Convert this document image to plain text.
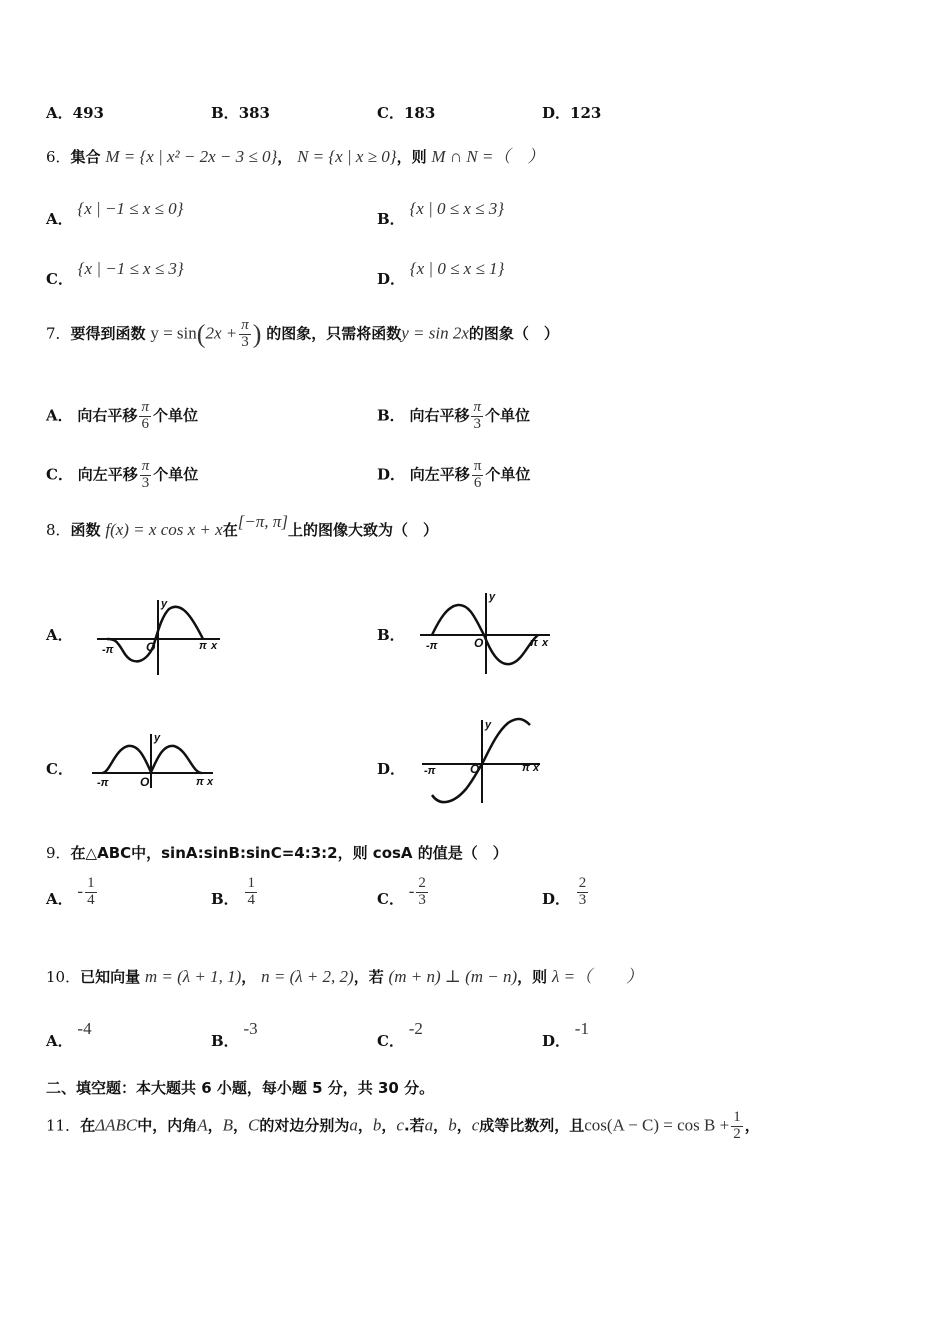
A．493	B．383	C．183	D．123
6．集合 M = {x | x² − 2x − 3 ≤ 0}， N = {x | x ≥ 0}，则 M ∩ N =（　）
A． {x | −1 ≤ x ≤ 0}
B． {x | 0 ≤ x ≤ 3}
C． {x | −1 ≤ x ≤ 3}
D． {x | 0 ≤ x ≤ 1}
7．要得到函数 $y = \sin(2x + \frac{\pi}{3}$ ) 的图象，只需将函数y = sin 2x的图象（　）
A． 向右平移 $\frac{\pi}{6}$ 个单位	B． 向右平移 $\frac{\pi}{3}$ 个单位
C． 向左平移 $\frac{\pi}{3}$ 个单位	D． 向左平移 $\frac{\pi}{6}$ 个单位
8．函数 f(x) = x cos x + x在[−π, π]上的图像大致为（　）
A．	B．
C．	D．
-π	π x
y
O	-π	π x
y
O
-π	π x
y
O
-π	π x
y
O
9．在△ABC中，sinA:sinB:sinC=4:3:2，则 cosA 的值是（　）
A． - $\frac{1}{4}$	B． $\frac{1}{4}$	C． - $\frac{2}{3}$	D． $\frac{2}{3}$
10．已知向量 m = (λ + 1, 1)， n = (λ + 2, 2)，若 (m + n) ⊥ (m − n)，则 λ =（　　）
A． -4
B． -3
C． -2
D． -1
二、填空题：本大题共 6 小题，每小题 5 分，共 30 分。
11．在ΔABC中，内角A，B，C的对边分别为a，b，c.若a，b，c成等比数列，且$\cos(A - C) = \cos B + \frac{1}{2}$ ，
